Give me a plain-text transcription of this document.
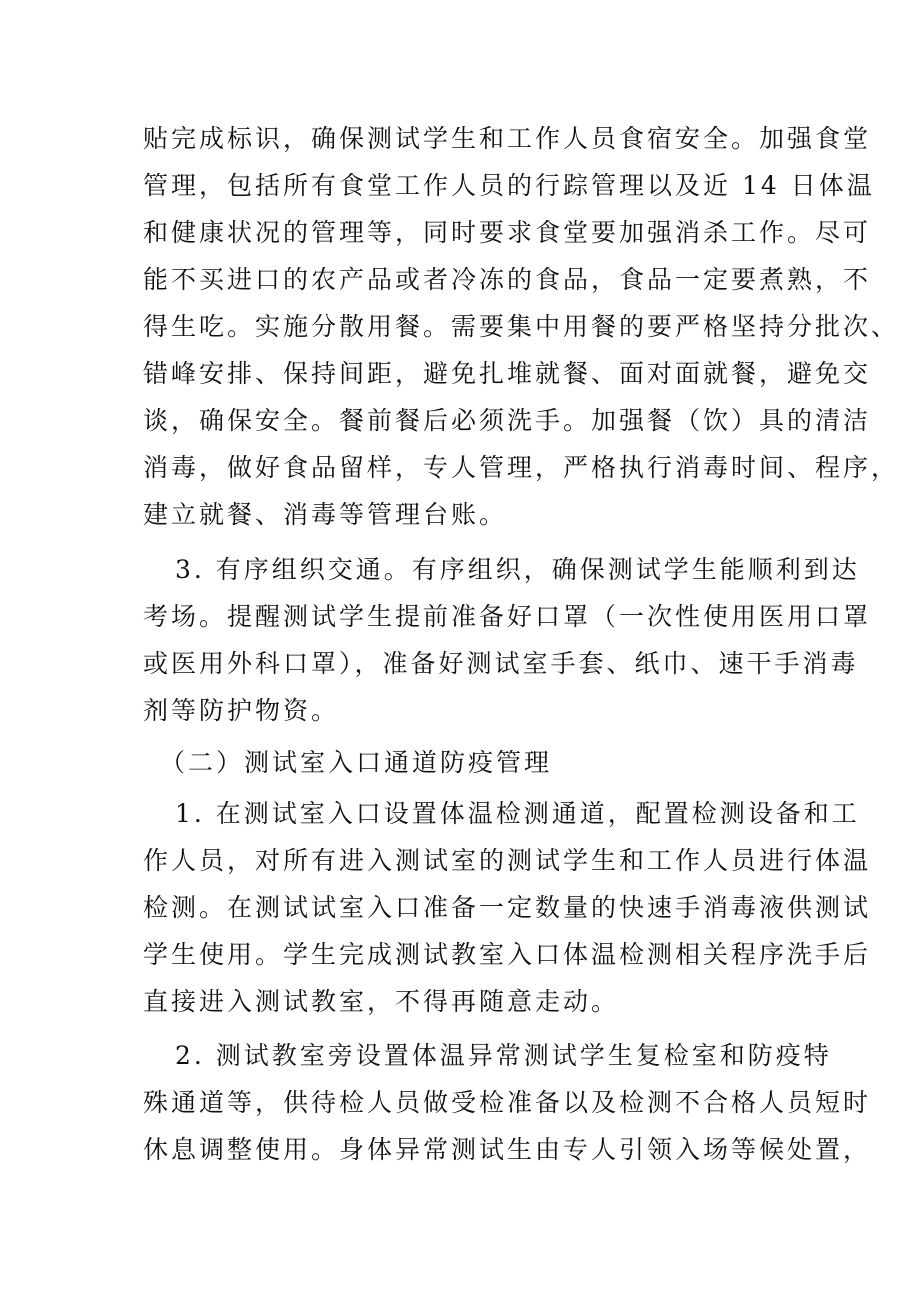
贴完成标识，确保测试学生和工作人员食宿安全。加强食堂
管理，包括所有食堂工作人员的行踪管理以及近 14 日体温
和健康状况的管理等，同时要求食堂要加强消杀工作。尽可
能不买进口的农产品或者冷冻的食品，食品一定要煮熟，不
得生吃。实施分散用餐。需要集中用餐的要严格坚持分批次、
错峰安排、保持间距，避免扎堆就餐、面对面就餐，避免交
谈，确保安全。餐前餐后必须洗手。加强餐（饮）具的清洁
消毒，做好食品留样，专人管理，严格执行消毒时间、程序，
建立就餐、消毒等管理台账。
3. 有序组织交通。有序组织，确保测试学生能顺利到达
考场。提醒测试学生提前准备好口罩（一次性使用医用口罩
或医用外科口罩），准备好测试室手套、纸巾、速干手消毒
剂等防护物资。
（二）测试室入口通道防疫管理
1. 在测试室入口设置体温检测通道，配置检测设备和工
作人员，对所有进入测试室的测试学生和工作人员进行体温
检测。在测试试室入口准备一定数量的快速手消毒液供测试
学生使用。学生完成测试教室入口体温检测相关程序洗手后
直接进入测试教室，不得再随意走动。
2. 测试教室旁设置体温异常测试学生复检室和防疫特
殊通道等，供待检人员做受检准备以及检测不合格人员短时
休息调整使用。身体异常测试生由专人引领入场等候处置，
